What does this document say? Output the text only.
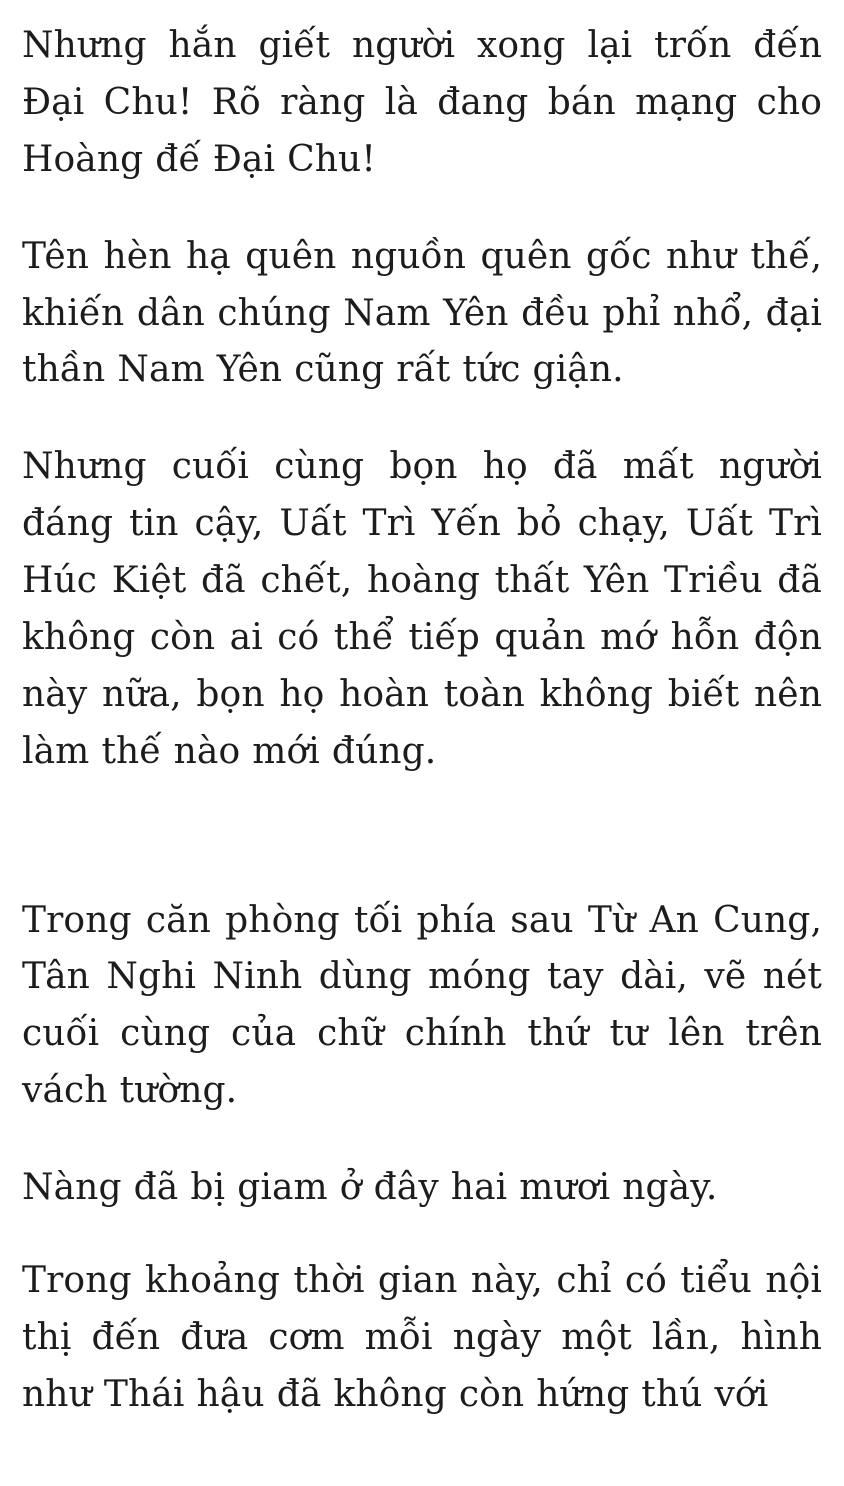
Nhưng hắn giết người xong lại trốn đến Đại Chu! Rõ ràng là đang bán mạng cho Hoàng đế Đại Chu!

Tên hèn hạ quên nguồn quên gốc như thế, khiến dân chúng Nam Yên đều phỉ nhổ, đại thần Nam Yên cũng rất tức giận.

Nhưng cuối cùng bọn họ đã mất người đáng tin cậy, Uất Trì Yến bỏ chạy, Uất Trì Húc Kiệt đã chết, hoàng thất Yên Triều đã không còn ai có thể tiếp quản mớ hỗn độn này nữa, bọn họ hoàn toàn không biết nên làm thế nào mới đúng.

Trong căn phòng tối phía sau Từ An Cung, Tân Nghi Ninh dùng móng tay dài, vẽ nét cuối cùng của chữ chính thứ tư lên trên vách tường.

Nàng đã bị giam ở đây hai mươi ngày.

Trong khoảng thời gian này, chỉ có tiểu nội thị đến đưa cơm mỗi ngày một lần, hình như Thái hậu đã không còn hứng thú với
